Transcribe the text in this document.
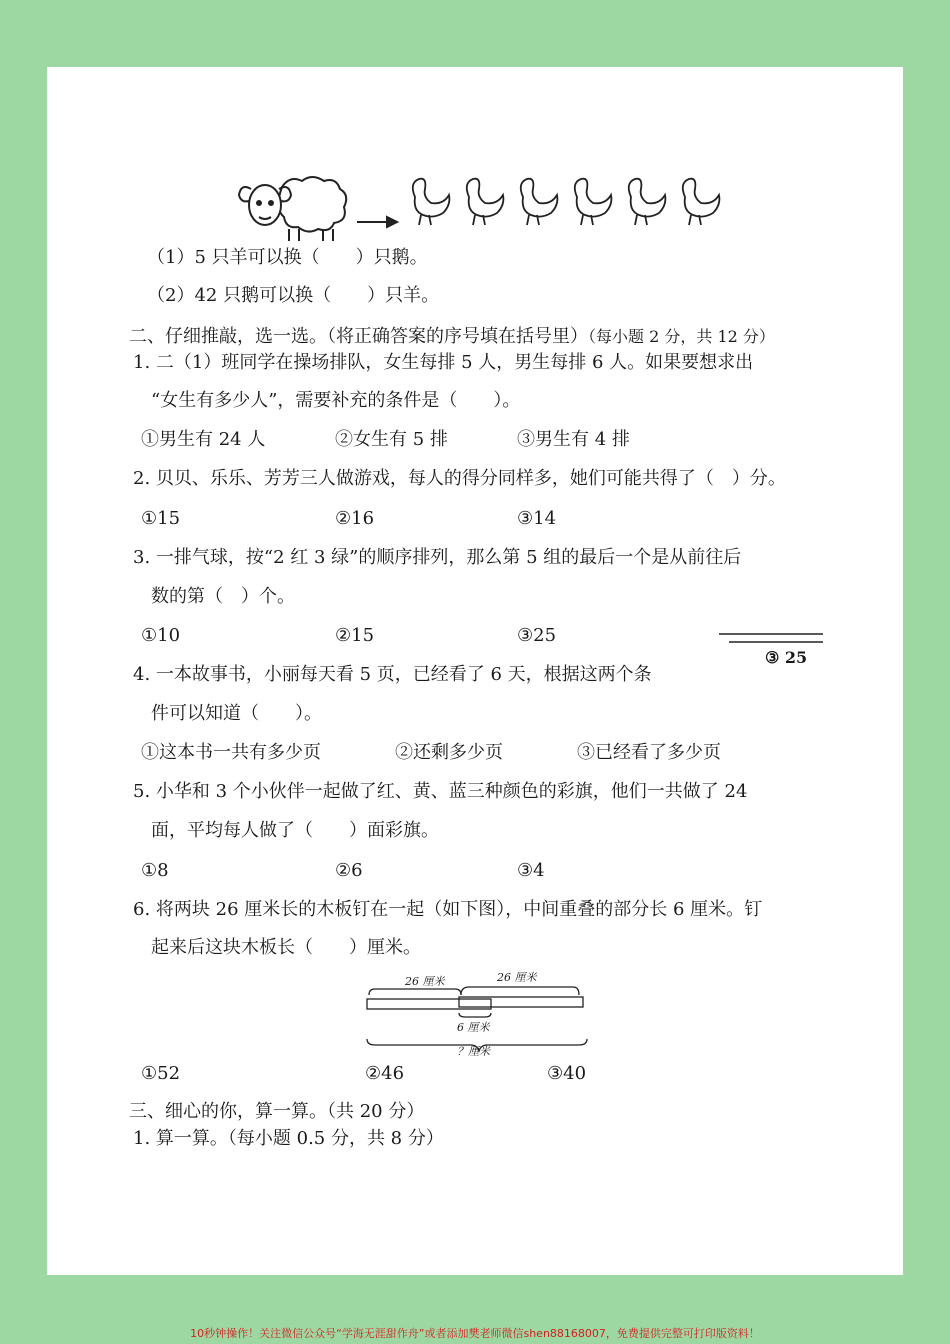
（1）5 只羊可以换（　　）只鹅。
（2）42 只鹅可以换（　　）只羊。
二、仔细推敲，选一选。（将正确答案的序号填在括号里）（每小题 2 分，共 12 分）
1. 二（1）班同学在操场排队，女生每排 5 人，男生每排 6 人。如果要想求出
“女生有多少人”，需要补充的条件是（　　）。
①男生有 24 人	②女生有 5 排	③男生有 4 排
2. 贝贝、乐乐、芳芳三人做游戏，每人的得分同样多，她们可能共得了（　）分。
①15	②16	③14
3. 一排气球，按“2 红 3 绿”的顺序排列，那么第 5 组的最后一个是从前往后
数的第（　）个。
①10	②15	③25
③ 25
4. 一本故事书，小丽每天看 5 页，已经看了 6 天，根据这两个条
件可以知道（　　）。
①这本书一共有多少页	②还剩多少页	③已经看了多少页
5. 小华和 3 个小伙伴一起做了红、黄、蓝三种颜色的彩旗，他们一共做了 24
面，平均每人做了（　　）面彩旗。
①8	②6	③4
6. 将两块 26 厘米长的木板钉在一起（如下图），中间重叠的部分长 6 厘米。钉
起来后这块木板长（　　）厘米。
26 厘米	26 厘米
6 厘米
？厘米
①52	②46	③40
三、细心的你，算一算。（共 20 分）
1. 算一算。（每小题 0.5 分，共 8 分）
10秒钟操作！关注微信公众号“学海无涯甜作舟”或者添加樊老师微信shen88168007，免费提供完整可打印版资料！
